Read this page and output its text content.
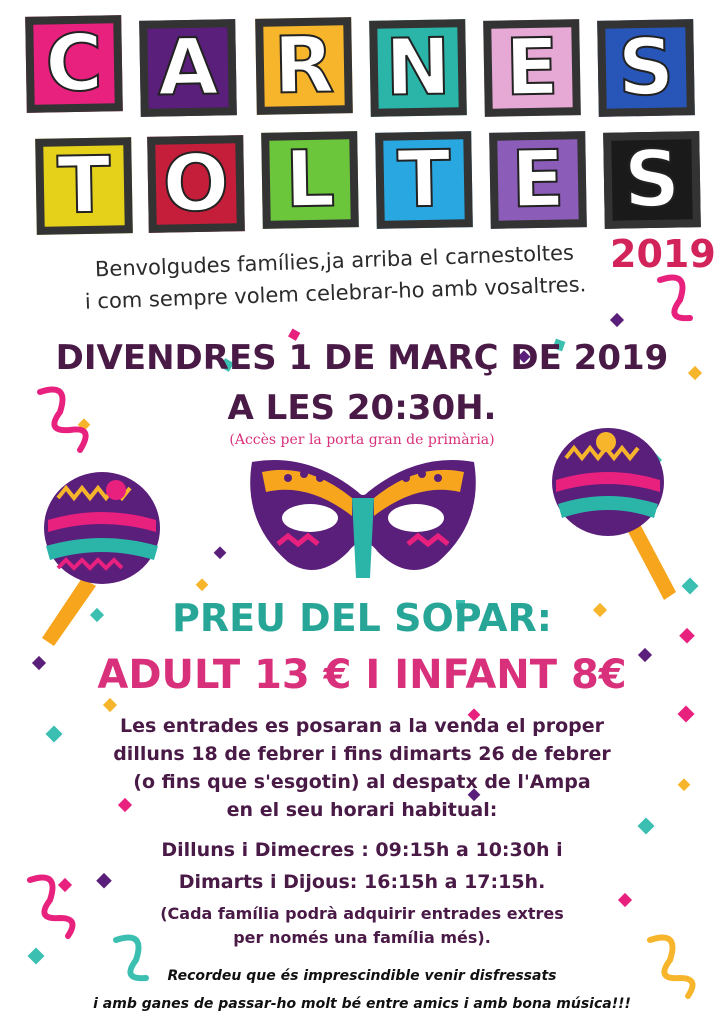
C A R N E S
T O L T E S
2019
Benvolgudes famílies,ja arriba el carnestoltes
i com sempre volem celebrar-ho amb vosaltres.
DIVENDRES 1 DE MARÇ DE 2019
A LES 20:30H.
(Accès per la porta gran de primària)
PREU DEL SOPAR:
ADULT 13 € I INFANT 8€
Les entrades es posaran a la venda el proper
dilluns 18 de febrer i fins dimarts 26 de febrer
(o fins que s'esgotin) al despatx de l'Ampa
en el seu horari habitual:
Dilluns i Dimecres : 09:15h a 10:30h i
Dimarts i Dijous: 16:15h a 17:15h.
(Cada família podrà adquirir entrades extres
per només una família més).
Recordeu que és imprescindible venir disfressats
i amb ganes de passar-ho molt bé entre amics i amb bona música!!!
